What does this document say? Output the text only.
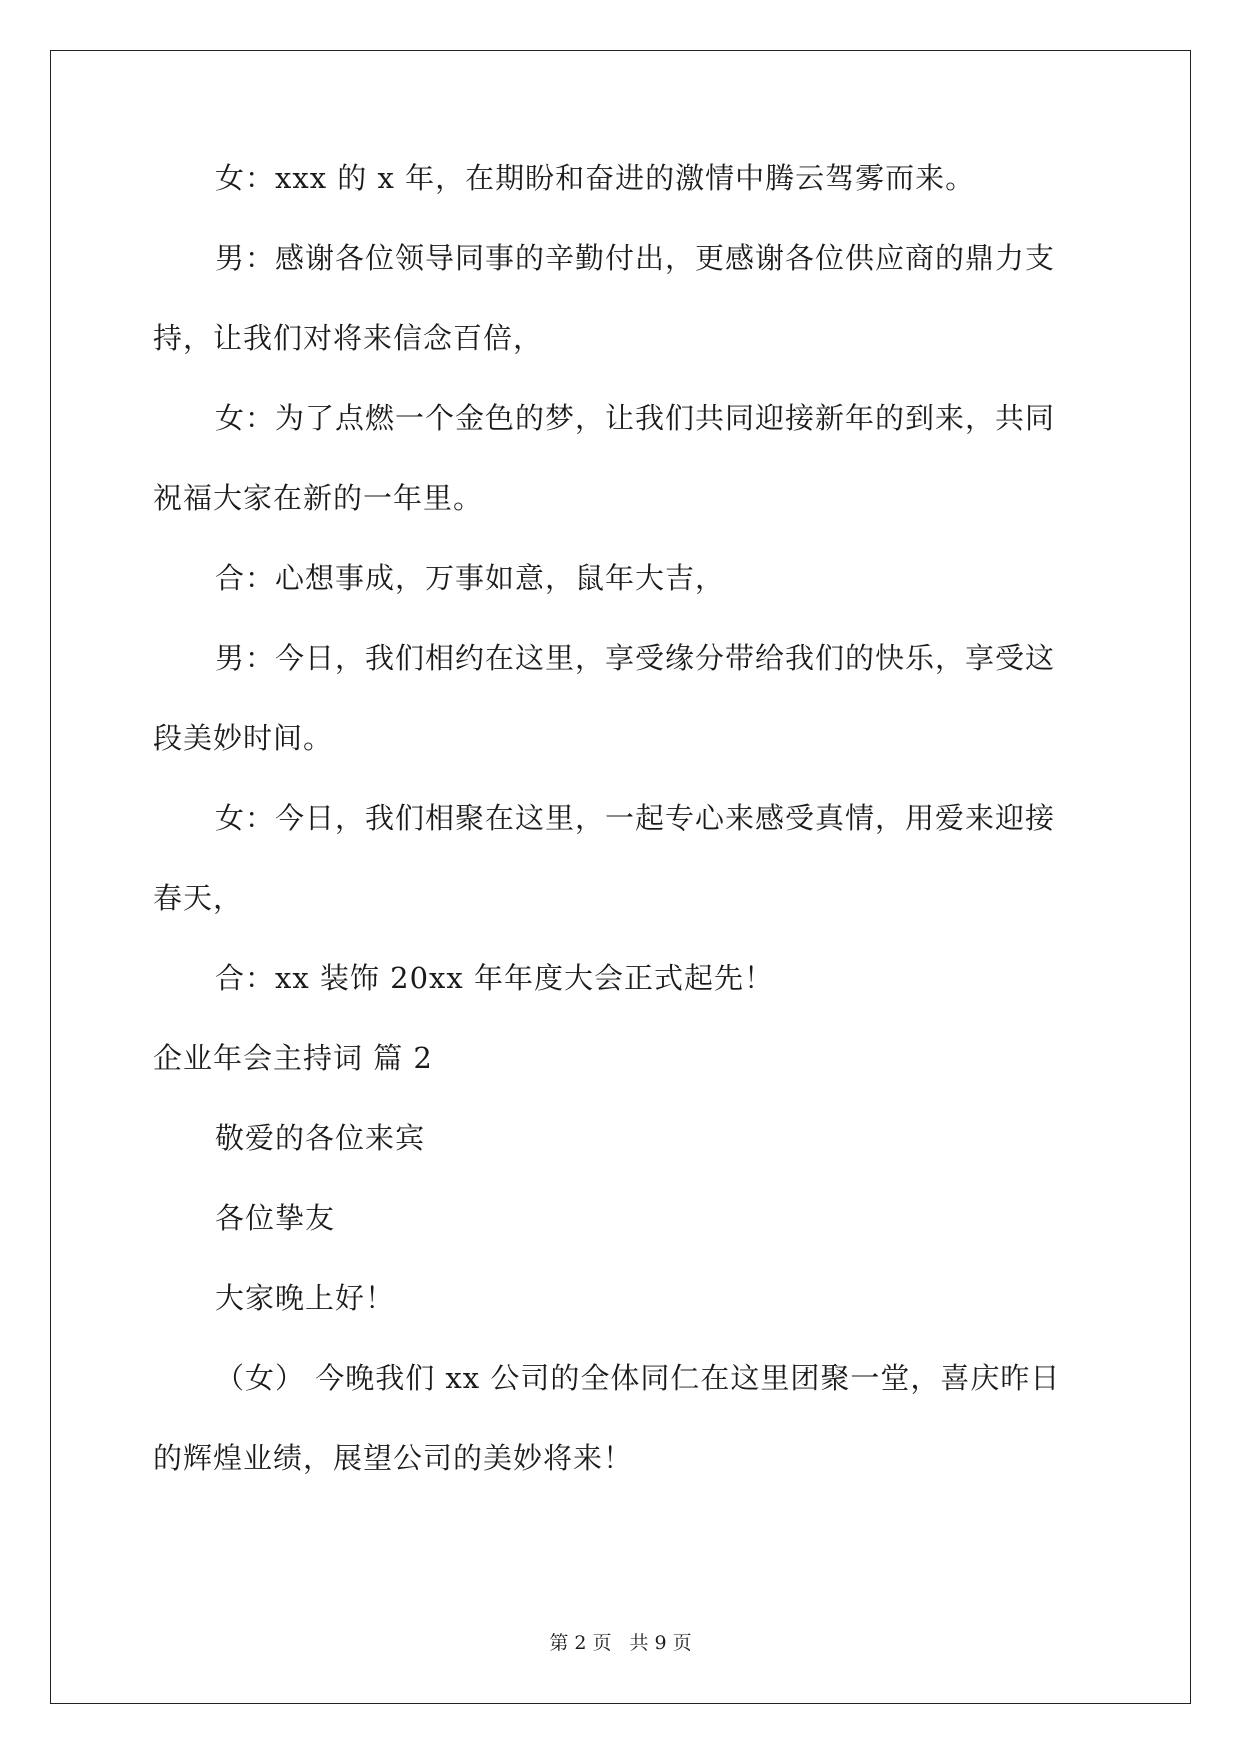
女：xxx 的 x 年，在期盼和奋进的激情中腾云驾雾而来。
男：感谢各位领导同事的辛勤付出，更感谢各位供应商的鼎力支
持，让我们对将来信念百倍，
女：为了点燃一个金色的梦，让我们共同迎接新年的到来，共同
祝福大家在新的一年里。
合：心想事成，万事如意，鼠年大吉，
男：今日，我们相约在这里，享受缘分带给我们的快乐，享受这
段美妙时间。
女：今日，我们相聚在这里，一起专心来感受真情，用爱来迎接
春天，
合：xx 装饰 20xx 年年度大会正式起先！
企业年会主持词 篇 2
敬爱的各位来宾
各位挚友
大家晚上好！
（女） 今晚我们 xx 公司的全体同仁在这里团聚一堂，喜庆昨日
的辉煌业绩，展望公司的美妙将来！
第 2 页 共 9 页
